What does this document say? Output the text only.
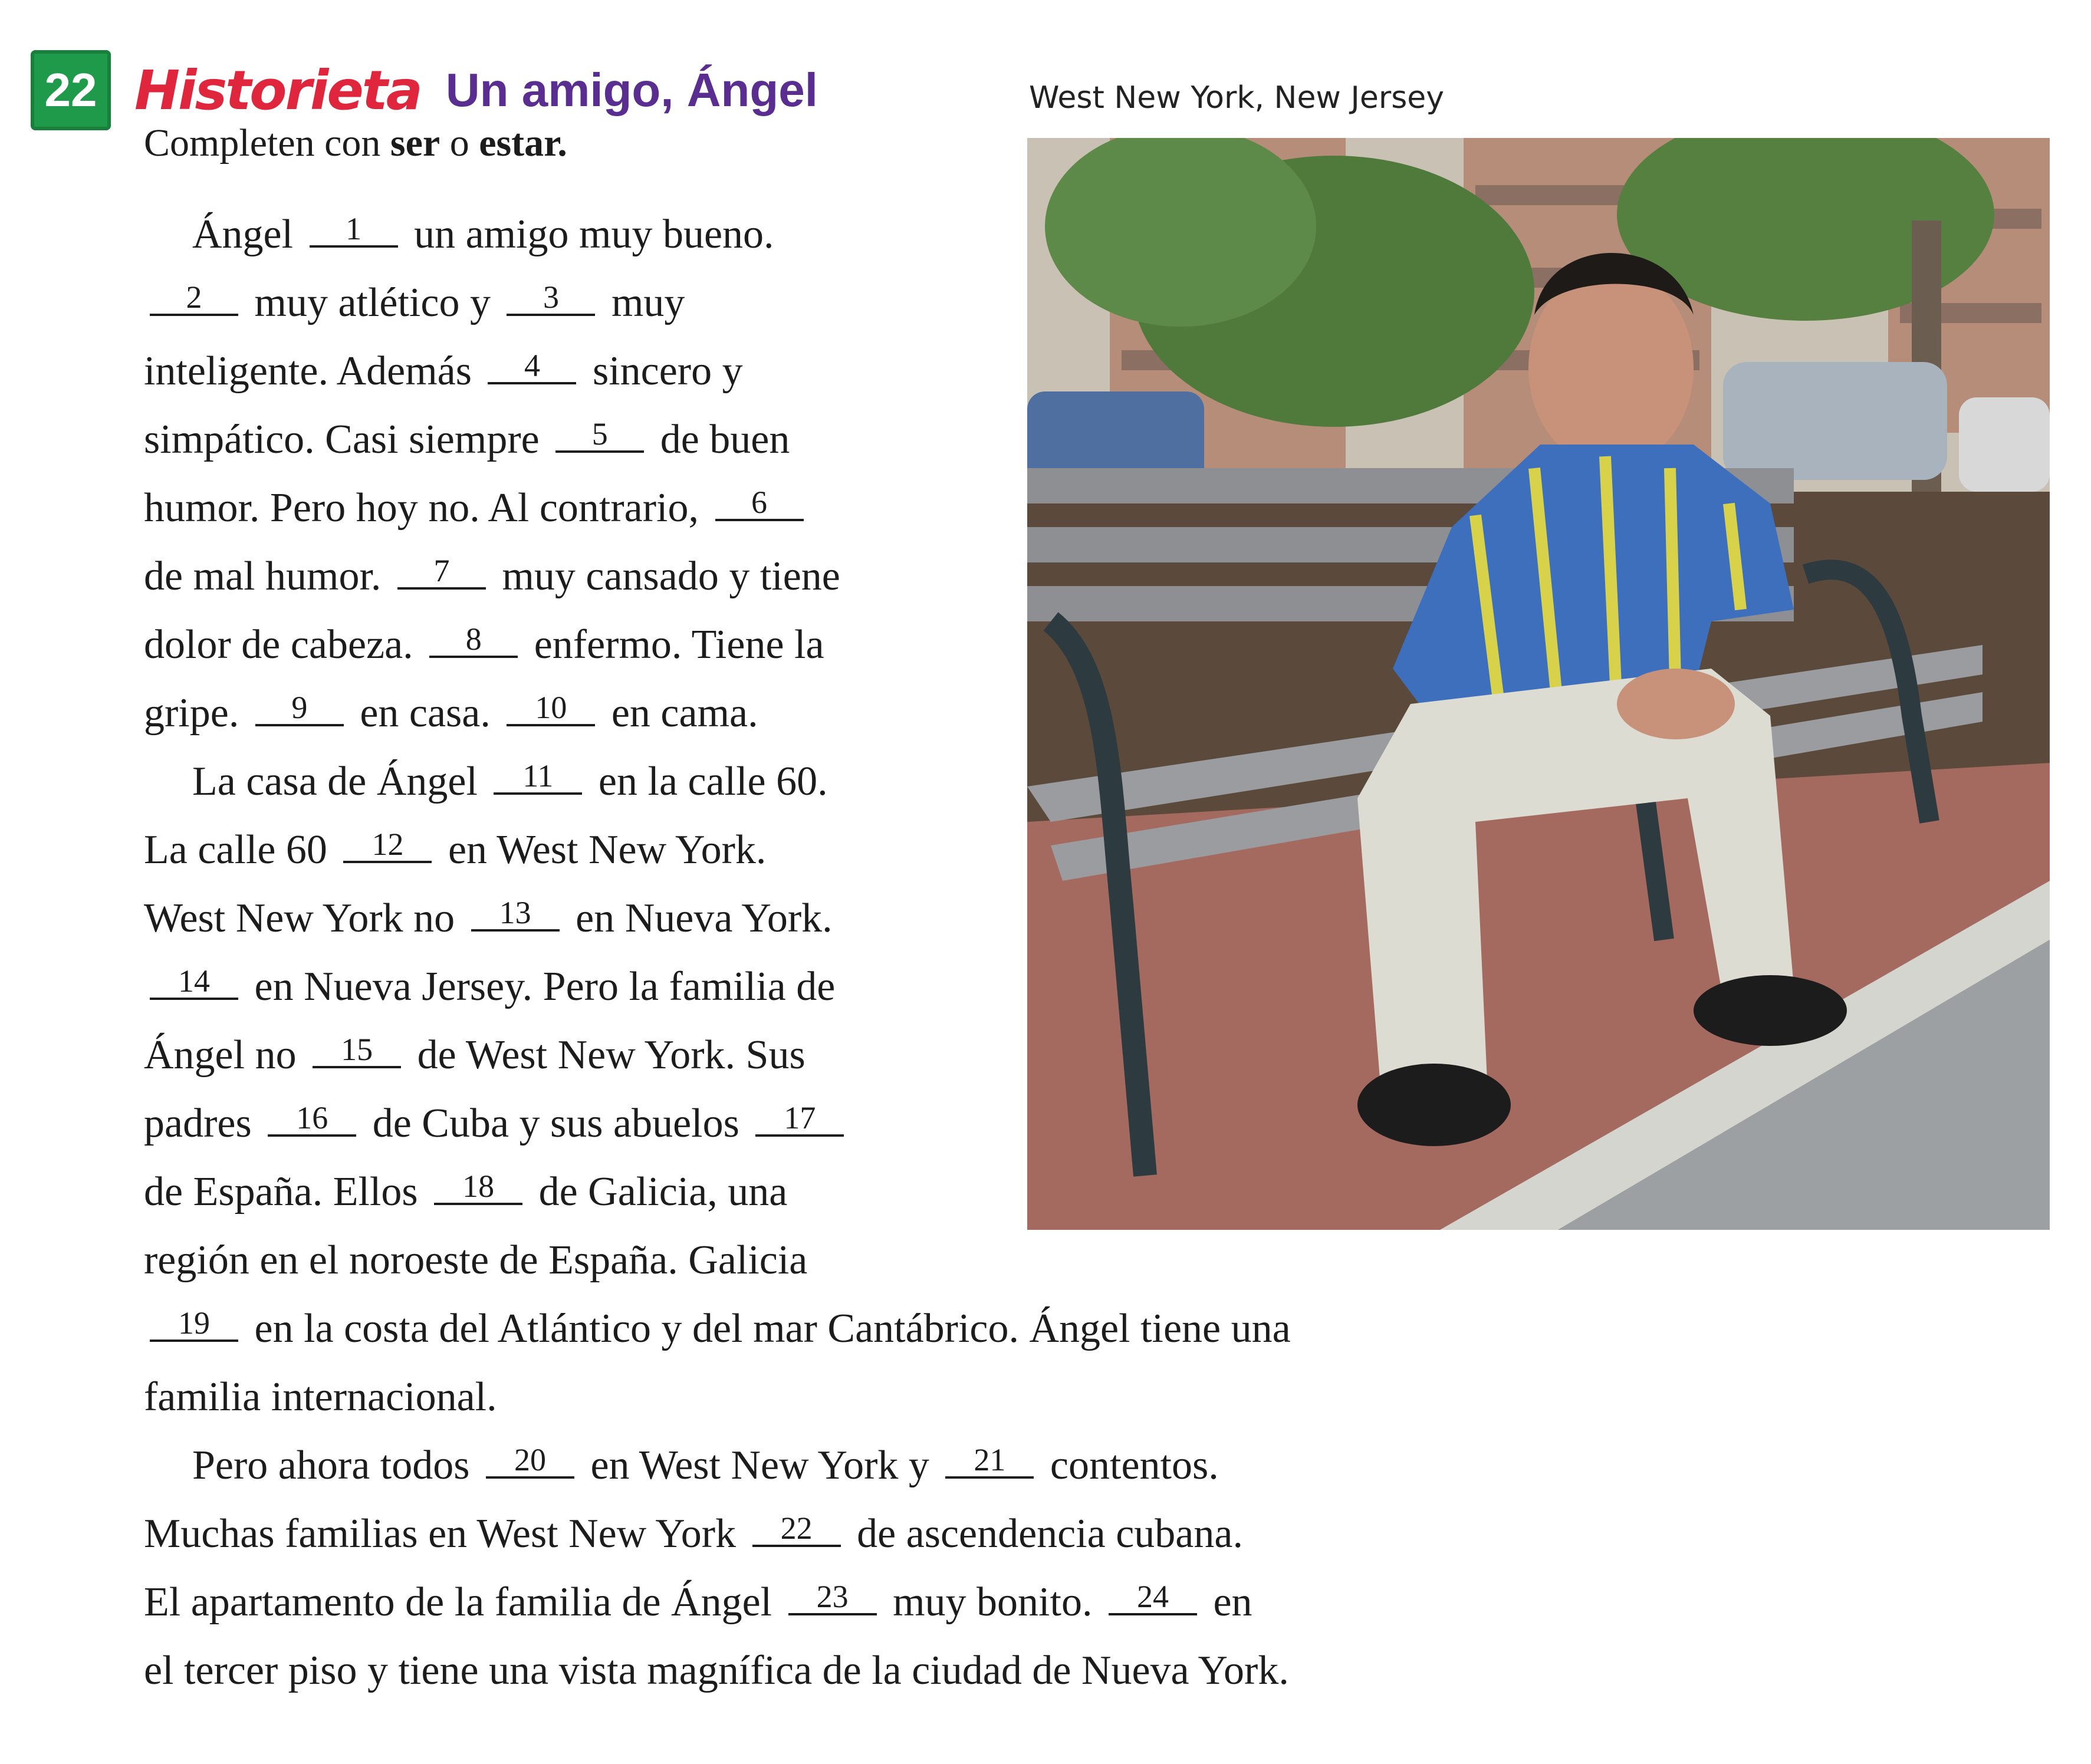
22 Historieta Un amigo, Ángel	West New York, New Jersey
Completen con ser o estar.
Ángel 1 un amigo muy bueno.
2 muy atlético y 3 muy
inteligente. Además 4 sincero y
simpático. Casi siempre 5 de buen
humor. Pero hoy no. Al contrario, 6
de mal humor. 7 muy cansado y tiene
dolor de cabeza. 8 enfermo. Tiene la
gripe. 9 en casa. 10 en cama.
La casa de Ángel 11 en la calle 60.
La calle 60 12 en West New York.
West New York no 13 en Nueva York.
14 en Nueva Jersey. Pero la familia de
Ángel no 15 de West New York. Sus
padres 16 de Cuba y sus abuelos 17
de España. Ellos 18 de Galicia, una
región en el noroeste de España. Galicia
19 en la costa del Atlántico y del mar Cantábrico. Ángel tiene una
familia internacional.
Pero ahora todos 20 en West New York y 21 contentos.
Muchas familias en West New York 22 de ascendencia cubana.
El apartamento de la familia de Ángel 23 muy bonito. 24 en
el tercer piso y tiene una vista magnífica de la ciudad de Nueva York.
